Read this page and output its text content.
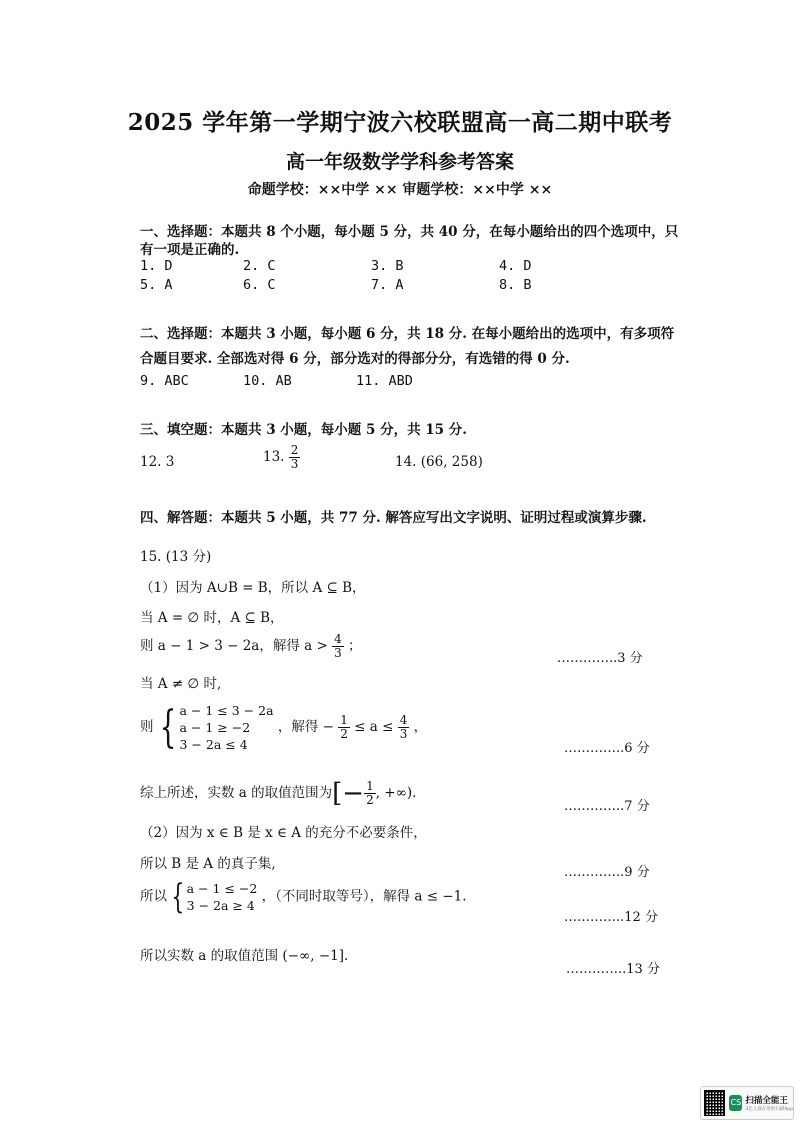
2025 学年第一学期宁波六校联盟高一高二期中联考
高一年级数学学科参考答案
命题学校：××中学 ×× 审题学校：××中学 ××
一、选择题：本题共 8 个小题，每小题 5 分，共 40 分，在每小题给出的四个选项中，只
有一项是正确的.
1. D	2. C	3. B	4. D
5. A	6. C	7. A	8. B
二、选择题：本题共 3 小题，每小题 6 分，共 18 分. 在每小题给出的选项中，有多项符
合题目要求. 全部选对得 6 分，部分选对的得部分分，有选错的得 0 分.
9. ABC	10. AB	11. ABD
三、填空题：本题共 3 小题，每小题 5 分，共 15 分.
12. 3	13. $\frac{2}{3}$	14. (66, 258)
四、解答题：本题共 5 小题，共 77 分. 解答应写出文字说明、证明过程或演算步骤.
15. (13 分)
（1）因为 A∪B = B，所以 A ⊆ B，
当 A = ∅ 时，A ⊆ B，
则 a − 1 > 3 − 2a，解得 $a > \frac{4}{3}$ ；
…………..3 分
当 A ≠ ∅ 时,
则 { a − 1 ≤ 3 − 2a
a − 1 ≥ −2
3 − 2a ≤ 4
，解得 − $\frac{1}{2} \le a \le \frac{4}{3}$ ，
…………..6 分
综上所述，实数 a 的取值范围为[− $\frac{1}{2}$ , +∞).
…………..7 分
（2）因为 x ∈ B 是 x ∈ A 的充分不必要条件，
所以 B 是 A 的真子集,
…………..9 分
所以 { a − 1 ≤ −2
3 − 2a ≥ 4
，（不同时取等号），解得 a ≤ −1.
…………..12 分
所以实数 a 的取值范围 (−∞, −1].
…………..13 分
CS 扫描全能王
3亿人都在用的扫描App
